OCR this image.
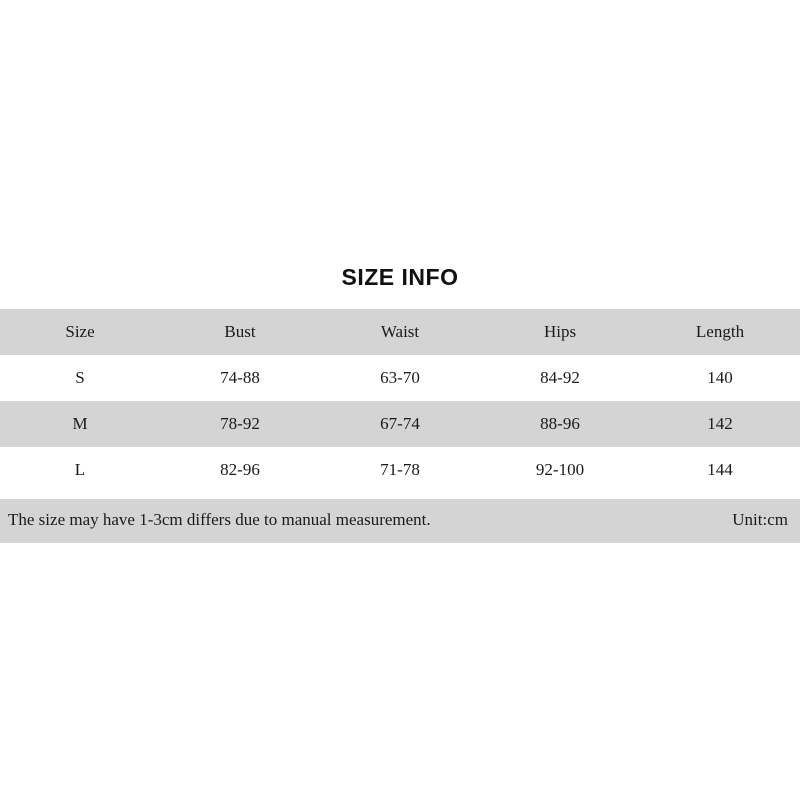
SIZE INFO
Size	Bust	Waist	Hips	Length
S	74-88	63-70	84-92	140
M	78-92	67-74	88-96	142
L	82-96	71-78	92-100	144
The size may have 1-3cm differs due to manual measurement.	Unit:cm
